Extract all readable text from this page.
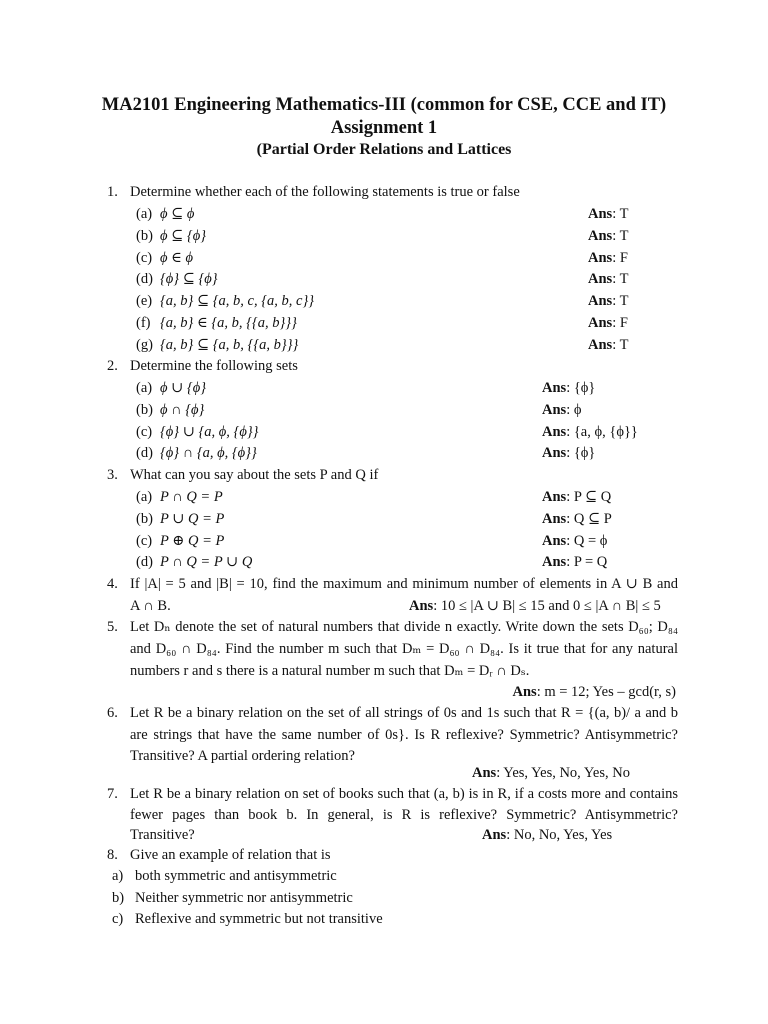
MA2101 Engineering Mathematics-III (common for CSE, CCE and IT)
Assignment 1
(Partial Order Relations and Lattices
1. Determine whether each of the following statements is true or false
(a) ϕ ⊆ ϕ	Ans: T
(b) ϕ ⊆ {ϕ}	Ans: T
(c) ϕ ∈ ϕ	Ans: F
(d) {ϕ} ⊆ {ϕ}	Ans: T
(e) {a, b} ⊆ {a, b, c, {a, b, c}}	Ans: T
(f) {a, b} ∈ {a, b, {{a, b}}}	Ans: F
(g) {a, b} ⊆ {a, b, {{a, b}}}	Ans: T
2. Determine the following sets
(a) ϕ ∪ {ϕ}	Ans: {ϕ}
(b) ϕ ∩ {ϕ}	Ans: ϕ
(c) {ϕ} ∪ {a, ϕ, {ϕ}}	Ans: {a, ϕ, {ϕ}}
(d) {ϕ} ∩ {a, ϕ, {ϕ}}	Ans: {ϕ}
3. What can you say about the sets P and Q if
(a) P ∩ Q = P	Ans: P ⊆ Q
(b) P ∪ Q = P	Ans: Q ⊆ P
(c) P ⊕ Q = P	Ans: Q = ϕ
(d) P ∩ Q = P ∪ Q	Ans: P = Q
4. If |A| = 5 and |B| = 10, find the maximum and minimum number of elements in A ∪ B and
A ∩ B.	Ans: 10 ≤ |A ∪ B| ≤ 15 and 0 ≤ |A ∩ B| ≤ 5
5. Let Dₙ denote the set of natural numbers that divide n exactly. Write down the sets D₆₀; D₈₄
and D₆₀ ∩ D₈₄. Find the number m such that Dₘ = D₆₀ ∩ D₈₄. Is it true that for any natural
numbers r and s there is a natural number m such that Dₘ = Dᵣ ∩ Dₛ.
Ans: m = 12; Yes – gcd(r, s)
6. Let R be a binary relation on the set of all strings of 0s and 1s such that R = {(a, b)/ a and b
are strings that have the same number of 0s}. Is R reflexive? Symmetric? Antisymmetric?
Transitive? A partial ordering relation?
Ans: Yes, Yes, No, Yes, No
7. Let R be a binary relation on set of books such that (a, b) is in R, if a costs more and contains
fewer pages than book b. In general, is R is reflexive? Symmetric? Antisymmetric?
Transitive?	Ans: No, No, Yes, Yes
8. Give an example of relation that is
a) both symmetric and antisymmetric
b) Neither symmetric nor antisymmetric
c) Reflexive and symmetric but not transitive
